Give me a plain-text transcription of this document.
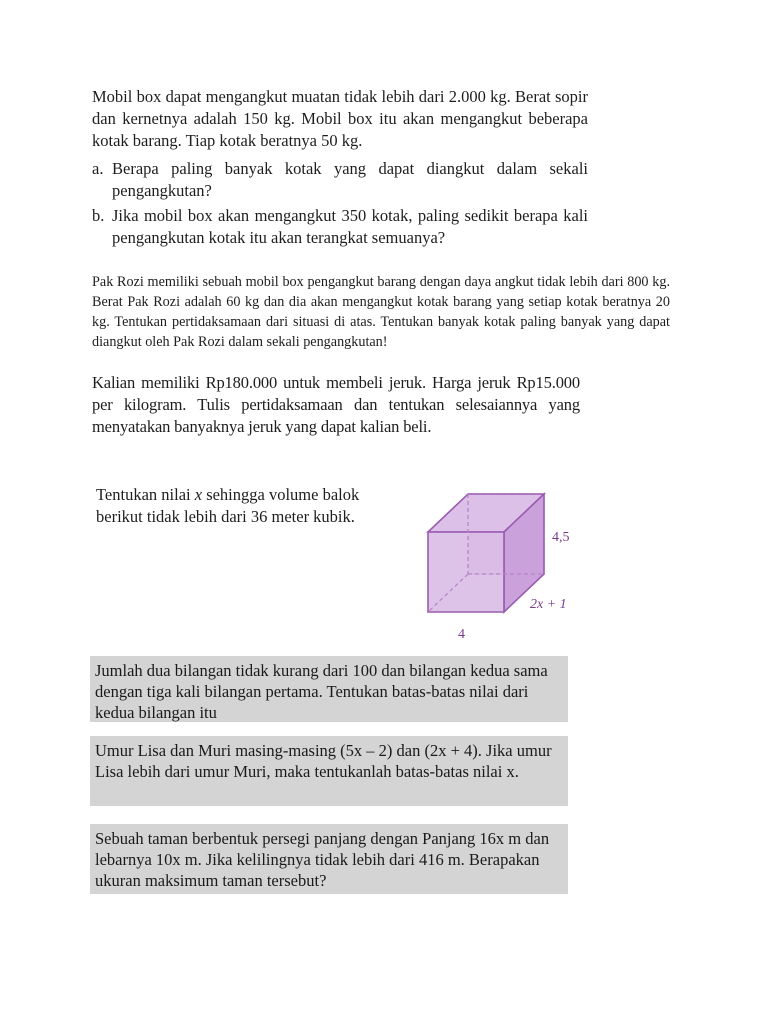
Mobil box dapat mengangkut muatan tidak lebih dari 2.000 kg. Berat sopir dan kernetnya adalah 150 kg. Mobil box itu akan mengangkut beberapa kotak barang. Tiap kotak beratnya 50 kg.

a. Berapa paling banyak kotak yang dapat diangkut dalam sekali pengangkutan?
b. Jika mobil box akan mengangkut 350 kotak, paling sedikit berapa kali pengangkutan kotak itu akan terangkat semuanya?
Pak Rozi memiliki sebuah mobil box pengangkut barang dengan daya angkut tidak lebih dari 800 kg. Berat Pak Rozi adalah 60 kg dan dia akan mengangkut kotak barang yang setiap kotak beratnya 20 kg. Tentukan pertidaksamaan dari situasi di atas. Tentukan banyak kotak paling banyak yang dapat diangkut oleh Pak Rozi dalam sekali pengangkutan!
Kalian memiliki Rp180.000 untuk membeli jeruk. Harga jeruk Rp15.000 per kilogram. Tulis pertidaksamaan dan tentukan selesaiannya yang menyatakan banyaknya jeruk yang dapat kalian beli.
Tentukan nilai x sehingga volume balok berikut tidak lebih dari 36 meter kubik.
4,5
2x + 1
4
Jumlah dua bilangan tidak kurang dari 100 dan bilangan kedua sama dengan tiga kali bilangan pertama. Tentukan batas-batas nilai dari kedua bilangan itu
Umur Lisa dan Muri masing-masing (5x – 2) dan (2x + 4). Jika umur Lisa lebih dari umur Muri, maka tentukanlah batas-batas nilai x.
Sebuah taman berbentuk persegi panjang dengan Panjang 16x m dan lebarnya 10x m. Jika kelilingnya tidak lebih dari 416 m. Berapakan ukuran maksimum taman tersebut?
